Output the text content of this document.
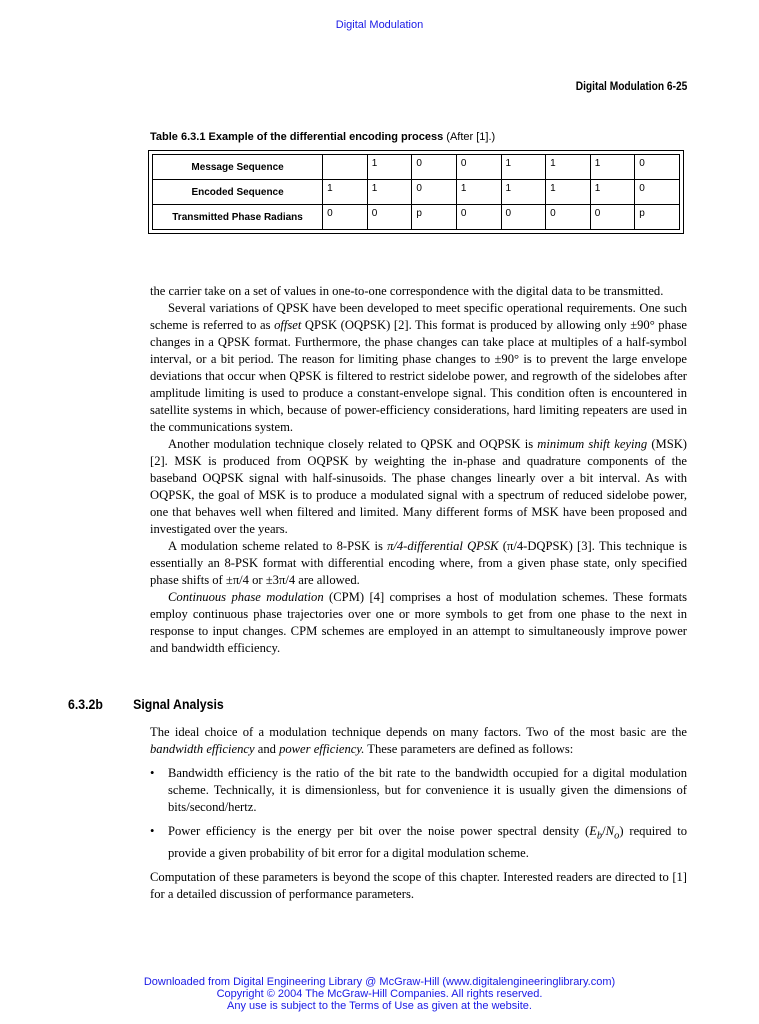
Digital Modulation
Digital Modulation 6-25
Table 6.3.1 Example of the differential encoding process (After [1].)
Message Sequence		1	0	0	1	1	1	0
Encoded Sequence	1	1	0	1	1	1	1	0
Transmitted Phase Radians	0	0	p	0	0	0	0	p

the carrier take on a set of values in one-to-one correspondence with the digital data to be transmitted.

Several variations of QPSK have been developed to meet specific operational requirements. One such scheme is referred to as offset QPSK (OQPSK) [2]. This format is produced by allowing only ±90° phase changes in a QPSK format. Furthermore, the phase changes can take place at multiples of a half-symbol interval, or a bit period. The reason for limiting phase changes to ±90° is to prevent the large envelope deviations that occur when QPSK is filtered to restrict sidelobe power, and regrowth of the sidelobes after amplitude limiting is used to produce a constant-envelope signal. This condition often is encountered in satellite systems in which, because of power-efficiency considerations, hard limiting repeaters are used in the communications system.

Another modulation technique closely related to QPSK and OQPSK is minimum shift keying (MSK) [2]. MSK is produced from OQPSK by weighting the in-phase and quadrature components of the baseband OQPSK signal with half-sinusoids. The phase changes linearly over a bit interval. As with OQPSK, the goal of MSK is to produce a modulated signal with a spectrum of reduced sidelobe power, one that behaves well when filtered and limited. Many different forms of MSK have been proposed and investigated over the years.

A modulation scheme related to 8-PSK is π/4-differential QPSK (π/4-DQPSK) [3]. This technique is essentially an 8-PSK format with differential encoding where, from a given phase state, only specified phase shifts of ±π/4 or ±3π/4 are allowed.

Continuous phase modulation (CPM) [4] comprises a host of modulation schemes. These formats employ continuous phase trajectories over one or more symbols to get from one phase to the next in response to input changes. CPM schemes are employed in an attempt to simultaneously improve power and bandwidth efficiency.

6.3.2b Signal Analysis

The ideal choice of a modulation technique depends on many factors. Two of the most basic are the bandwidth efficiency and power efficiency. These parameters are defined as follows:

• Bandwidth efficiency is the ratio of the bit rate to the bandwidth occupied for a digital modulation scheme. Technically, it is dimensionless, but for convenience it is usually given the dimensions of bits/second/hertz.
• Power efficiency is the energy per bit over the noise power spectral density $(E_b/N_o)$ required to provide a given probability of bit error for a digital modulation scheme.

Computation of these parameters is beyond the scope of this chapter. Interested readers are directed to [1] for a detailed discussion of performance parameters.

Downloaded from Digital Engineering Library @ McGraw-Hill (www.digitalengineeringlibrary.com)
Copyright © 2004 The McGraw-Hill Companies. All rights reserved.
Any use is subject to the Terms of Use as given at the website.
